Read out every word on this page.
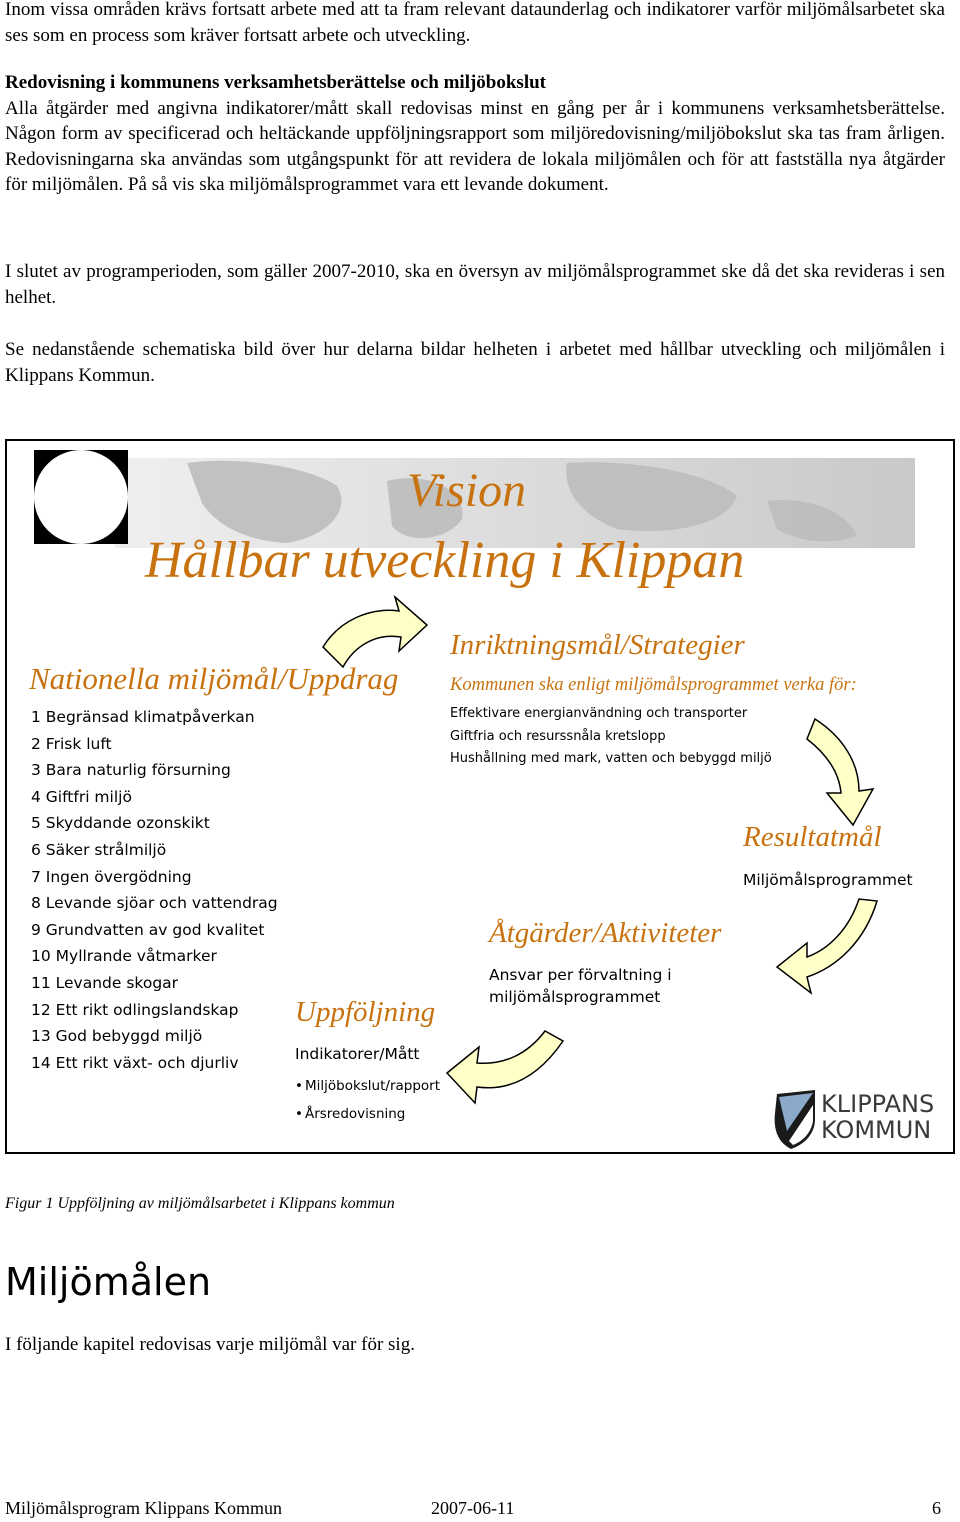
Inom vissa områden krävs fortsatt arbete med att ta fram relevant dataunderlag och indikatorer varför miljömålsarbetet ska ses som en process som kräver fortsatt arbete och utveckling.

Redovisning i kommunens verksamhetsberättelse och miljöbokslut
Alla åtgärder med angivna indikatorer/mått skall redovisas minst en gång per år i kommunens verksamhetsberättelse. Någon form av specificerad och heltäckande uppföljningsrapport som miljöredovisning/miljöbokslut ska tas fram årligen. Redovisningarna ska användas som utgångspunkt för att revidera de lokala miljömålen och för att fastställa nya åtgärder för miljömålen. På så vis ska miljömålsprogrammet vara ett levande dokument.

I slutet av programperioden, som gäller 2007-2010, ska en översyn av miljömålsprogrammet ske då det ska revideras i sen helhet.

Se nedanstående schematiska bild över hur delarna bildar helheten i arbetet med hållbar utveckling och miljömålen i Klippans Kommun.

Vision
Hållbar utveckling i Klippan
Nationella miljömål/Uppdrag
1 Begränsad klimatpåverkan
2 Frisk luft
3 Bara naturlig försurning
4 Giftfri miljö
5 Skyddande ozonskikt
6 Säker strålmiljö
7 Ingen övergödning
8 Levande sjöar och vattendrag
9 Grundvatten av god kvalitet
10 Myllrande våtmarker
11 Levande skogar
12 Ett rikt odlingslandskap
13 God bebyggd miljö
14 Ett rikt växt- och djurliv
Inriktningsmål/Strategier
Kommunen ska enligt miljömålsprogrammet verka för:
Effektivare energianvändning och transporter
Giftfria och resurssnåla kretslopp
Hushållning med mark, vatten och bebyggd miljö
Resultatmål
Miljömålsprogrammet
Åtgärder/Aktiviteter
Ansvar per förvaltning i miljömålsprogrammet
Uppföljning
Indikatorer/Mått
• Miljöbokslut/rapport
• Årsredovisning	KLIPPANS
KOMMUN
Figur 1 Uppföljning av miljömålsarbetet i Klippans kommun
Miljömålen
I följande kapitel redovisas varje miljömål var för sig.
Miljömålsprogram Klippans Kommun	2007-06-11	6
